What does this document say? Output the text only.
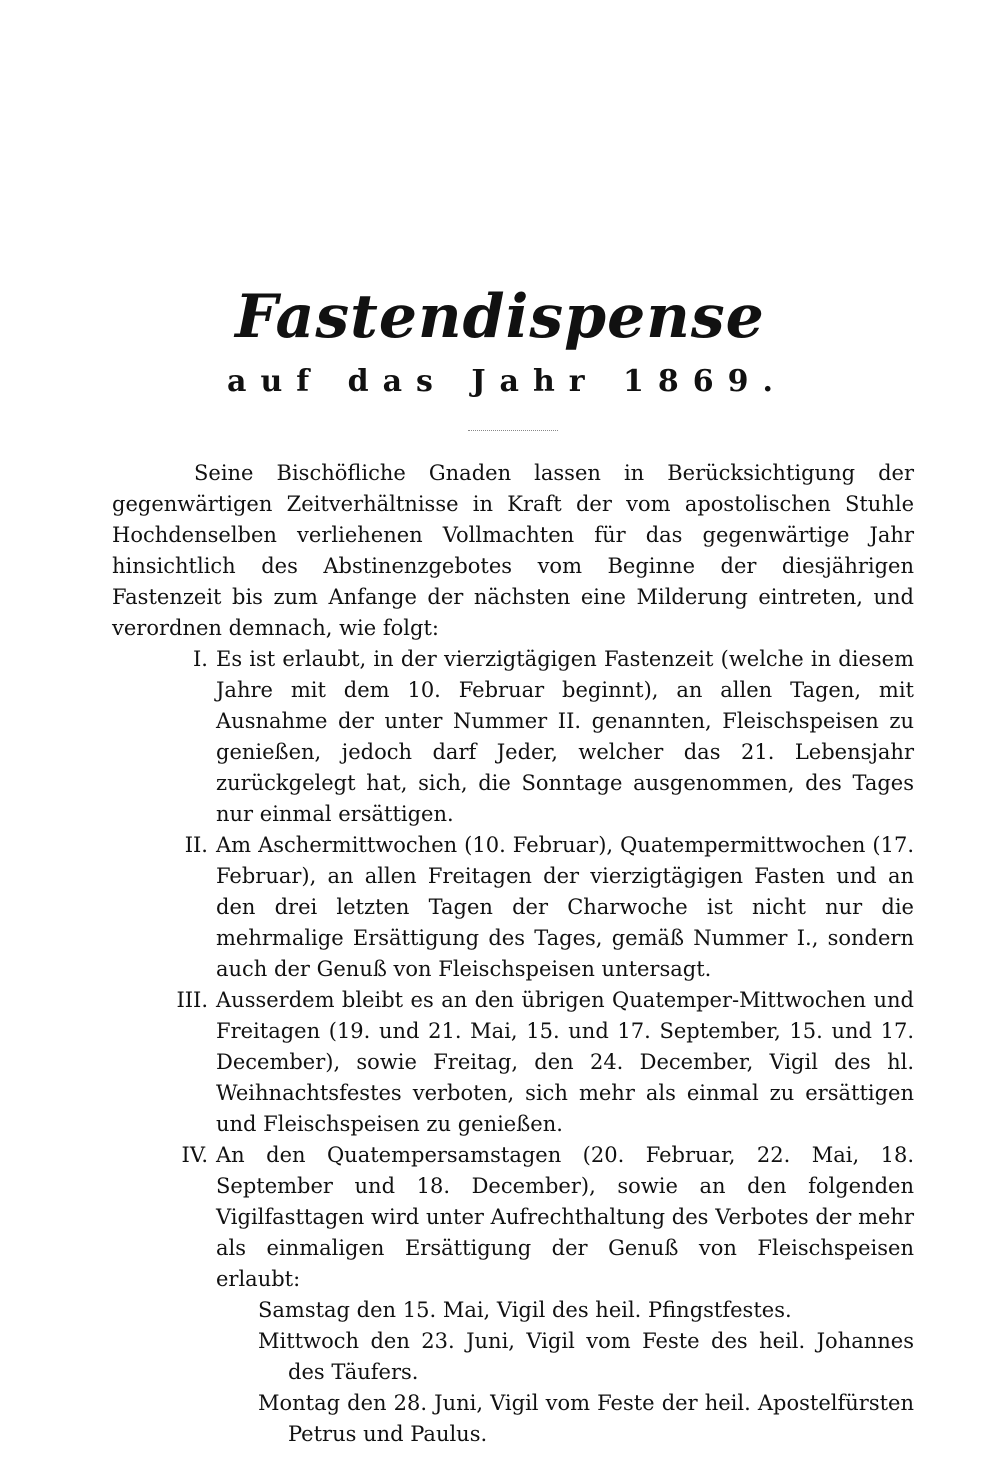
Fastendispense
auf das Jahr 1869.

Seine Bischöfliche Gnaden lassen in Berücksichtigung der gegenwärtigen Zeitverhältnisse in Kraft der vom apostolischen Stuhle Hochdenselben verliehenen Vollmachten für das gegenwärtige Jahr hinsichtlich des Abstinenzgebotes vom Beginne der diesjährigen Fastenzeit bis zum Anfange der nächsten eine Milderung eintreten, und verordnen demnach, wie folgt:

I. Es ist erlaubt, in der vierzigtägigen Fastenzeit (welche in diesem Jahre mit dem 10. Februar beginnt), an allen Tagen, mit Ausnahme der unter Nummer II. genannten, Fleischspeisen zu genießen, jedoch darf Jeder, welcher das 21. Lebensjahr zurückgelegt hat, sich, die Sonntage ausgenommen, des Tages nur einmal ersättigen.
II. Am Aschermittwochen (10. Februar), Quatempermittwochen (17. Februar), an allen Freitagen der vierzigtägigen Fasten und an den drei letzten Tagen der Charwoche ist nicht nur die mehrmalige Ersättigung des Tages, gemäß Nummer I., sondern auch der Genuß von Fleischspeisen untersagt.
III. Ausserdem bleibt es an den übrigen Quatemper-Mittwochen und Freitagen (19. und 21. Mai, 15. und 17. September, 15. und 17. December), sowie Freitag, den 24. December, Vigil des hl. Weihnachtsfestes verboten, sich mehr als einmal zu ersättigen und Fleischspeisen zu genießen.
IV. An den Quatempersamstagen (20. Februar, 22. Mai, 18. September und 18. December), sowie an den folgenden Vigilfasttagen wird unter Aufrechthaltung des Verbotes der mehr als einmaligen Ersättigung der Genuß von Fleischspeisen erlaubt:

Samstag den 15. Mai, Vigil des heil. Pfingstfestes.

Mittwoch den 23. Juni, Vigil vom Feste des heil. Johannes des Täufers.

Montag den 28. Juni, Vigil vom Feste der heil. Apostelfürsten Petrus und Paulus.
